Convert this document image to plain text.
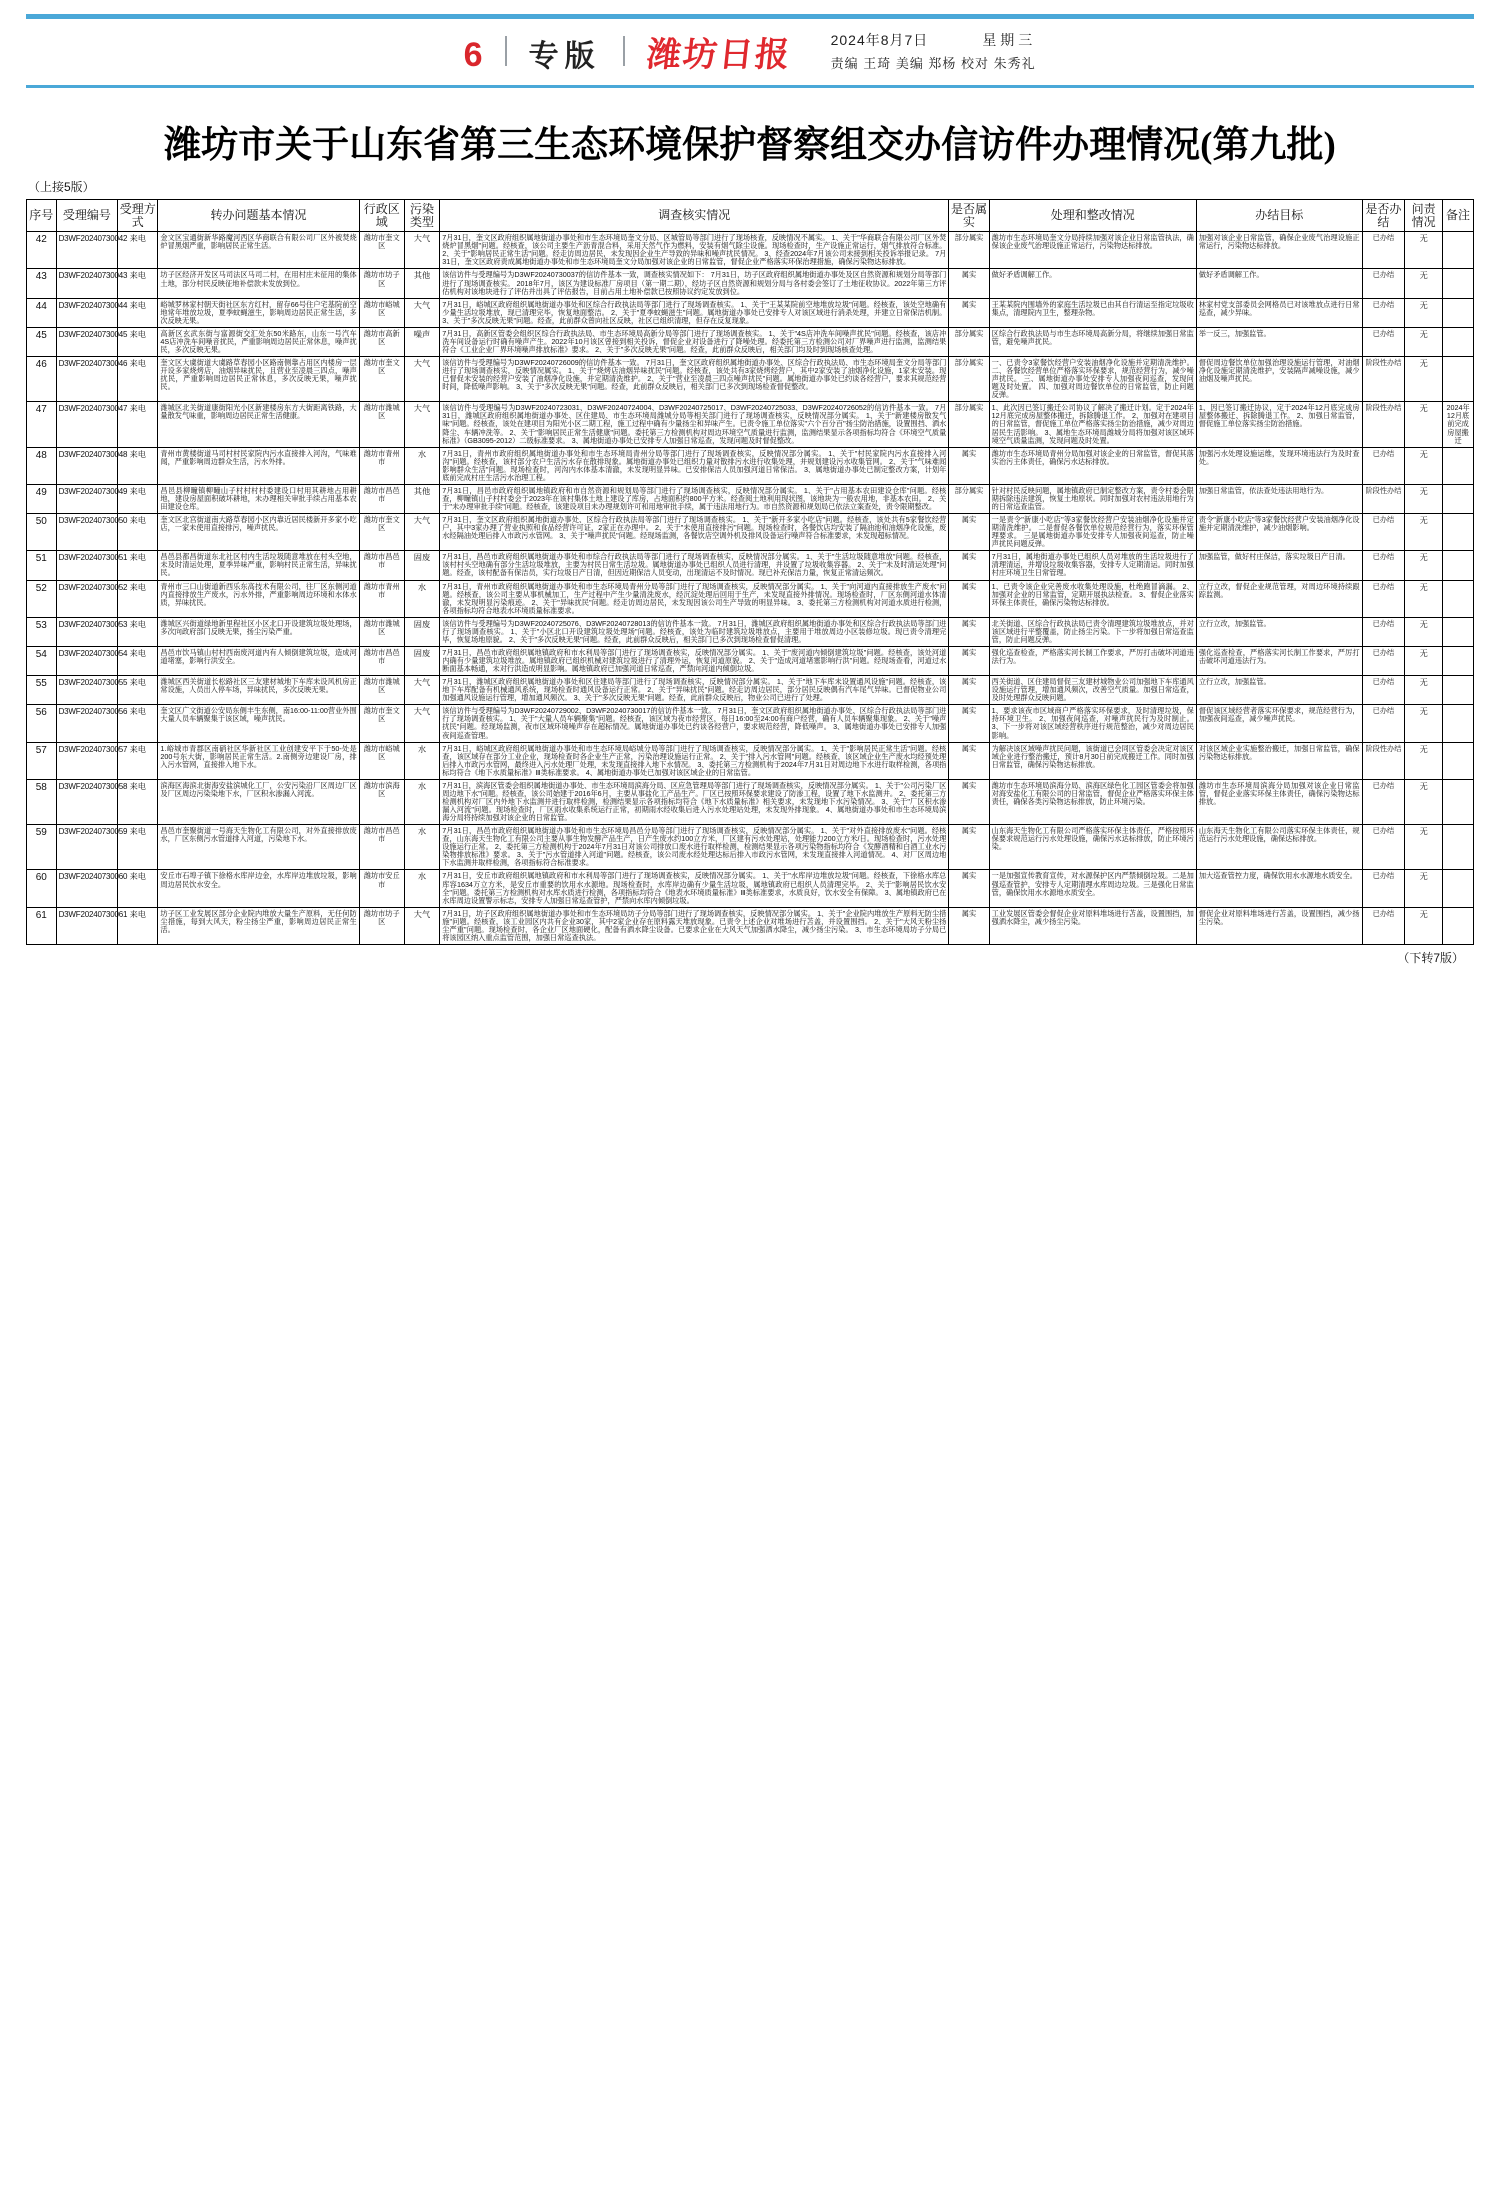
6 专版 潍坊日报	2024年8月7日	星期三
责编 王琦 美编 郑杨 校对 朱秀礼
潍坊市关于山东省第三生态环境保护督察组交办信访件办理情况(第九批)
（上接5版）
序号	受理编号	受理方式	转办问题基本情况	行政区域	污染类型	调查核实情况	是否属实	处理和整改情况	办结目标	是否办结	问责情况	备注
42	D3WF20240730042	来电	金文区宝通街新华路魔河西区华商联合有限公司厂区外被焚烧炉冒黑烟严重，影响居民正常生活。	潍坊市奎文区	大气	7月31日，奎文区政府组织属地街道办事处和市生态环境局奎文分局、区城管局等部门进行了现场核查，反映情况不属实。 1、关于"华商联合有限公司厂区外焚烧炉冒黑烟"问题。经核查，该公司主要生产沥青混合料，采用天然气作为燃料，安装有烟气除尘设施。现场检查时，生产设施正常运行，烟气排放符合标准。 2、关于"影响居民正常生活"问题。经走访周边居民，未发现因企业生产导致的异味和噪声扰民情况。 3、经查2024年7月该公司未接到相关投诉举报记录。 7月31日，奎文区政府责成属地街道办事处和市生态环境局奎文分局加强对该企业的日常监管，督促企业严格落实环保治理措施，确保污染物达标排放。	部分属实	潍坊市生态环境局奎文分局持续加强对该企业日常监管执法，确保该企业废气治理设施正常运行，污染物达标排放。	加强对该企业日常监管，确保企业废气治理设施正常运行，污染物达标排放。	已办结	无	
43	D3WF20240730043	来电	坊子区经济开发区马司法区马司二村，在用村庄未征用的集体土地，部分村民反映征地补偿款未发放到位。	潍坊市坊子区	其他	该信访件与受理编号为D3WF20240730037的信访件基本一致，调查核实情况如下： 7月31日，坊子区政府组织属地街道办事处及区自然资源和规划分局等部门进行了现场调查核实。 2018年7月，该区为建设标准厂房项目（第一期二期），经坊子区自然资源和规划分局与各村委会签订了土地征收协议。2022年第三方评估机构对该地块进行了评估并出具了评估报告，目前占用土地补偿款已按照协议约定发放到位。	属实	做好矛盾调解工作。	做好矛盾调解工作。	已办结	无	
44	D3WF20240730044	来电	峪城罗林家村朝天街社区东方红村，留存66号住户宅基院前空地常年堆放垃圾，夏季蚊蝇滋生，影响周边居民正常生活，多次反映无果。	潍坊市峪城区	大气	7月31日，峪城区政府组织属地街道办事处和区综合行政执法局等部门进行了现场调查核实。 1、关于"王某某院前空地堆放垃圾"问题。经核查，该处空地确有少量生活垃圾堆放，现已清理完毕，恢复地面整洁。 2、关于"夏季蚊蝇滋生"问题。属地街道办事处已安排专人对该区域进行消杀处理，并建立日常保洁机制。 3、关于"多次反映无果"问题。经查，此前群众曾向社区反映，社区已组织清理，但存在反复现象。	属实	王某某院内围墙外的家庭生活垃圾已由其自行清运至指定垃圾收集点，清理院内卫生，整理杂物。	林家村党支部委员会网格员已对该堆放点进行日常巡查，减少异味。	已办结	无	
45	D3WF20240730045	来电	高新区玄武东街与富源街交汇处东50米路东，山东一号汽车4S店冲洗车间噪音扰民，严重影响周边居民正常休息，噪声扰民，多次反映无果。	潍坊市高新区	噪声	7月31日，高新区管委会组织区综合行政执法局、市生态环境局高新分局等部门进行了现场调查核实。 1、关于"4S店冲洗车间噪声扰民"问题。经核查，该店冲洗车间设备运行时确有噪声产生。2022年10月该区曾接到相关投诉，督促企业对设备进行了降噪处理。经委托第三方检测公司对厂界噪声进行监测，监测结果符合《工业企业厂界环境噪声排放标准》要求。 2、关于"多次反映无果"问题。经查，此前群众反映后，相关部门均及时到现场核查处理。	部分属实	区综合行政执法局与市生态环境局高新分局，将继续加强日常监管，避免噪声扰民。	举一反三，加强监管。	已办结	无	
46	D3WF20240730046	来电	奎文区大虞街道大虞路草春园小区路南侧靠占用区内楼房一层开设多家烧烤店，油烟异味扰民，且营业至凌晨三四点，噪声扰民，严重影响周边居民正常休息，多次反映无果，噪声扰民。	潍坊市奎文区	大气	该信访件与受理编号为D3WF20240726009的信访件基本一致。 7月31日，奎文区政府组织属地街道办事处、区综合行政执法局、市生态环境局奎文分局等部门进行了现场调查核实，反映情况属实。 1、关于"烧烤店油烟异味扰民"问题。经核查，该处共有3家烧烤经营户，其中2家安装了油烟净化设施，1家未安装。现已督促未安装的经营户安装了油烟净化设施，并定期清洗维护。 2、关于"营业至凌晨三四点噪声扰民"问题。属地街道办事处已约谈各经营户，要求其规范经营时间，降低噪声影响。 3、关于"多次反映无果"问题。经查，此前群众反映后，相关部门已多次到现场检查督促整改。	部分属实	一、已责令3家餐饮经营户安装油烟净化设施并定期清洗维护。 二、各餐饮经营单位严格落实环保要求，规范经营行为，减少噪声扰民。 三、属地街道办事处安排专人加强夜间巡查，发现问题及时处置。 四、加强对周边餐饮单位的日常监管，防止问题反弹。	督促周边餐饮单位加强治理设施运行管理，对油烟净化设施定期清洗维护，安装隔声减噪设施，减少油烟及噪声扰民。	阶段性办结	无	
47	D3WF20240730047	来电	潍城区北关街道康街阳光小区新建楼房东方大街距离铁路，大量散发气味重，影响周边居民正常生活健康。	潍坊市潍城区	大气	该信访件与受理编号为D3WF20240723031、D3WF20240724004、D3WF20240725017、D3WF20240725033、D3WF20240726052的信访件基本一致。 7月31日，潍城区政府组织属地街道办事处、区住建局、市生态环境局潍城分局等相关部门进行了现场调查核实，反映情况部分属实。 1、关于"新建楼房散发气味"问题。经核查，该处在建项目为阳光小区二期工程，施工过程中确有少量扬尘和异味产生。已责令施工单位落实"六个百分百"扬尘防治措施，设置围挡、洒水降尘、车辆冲洗等。 2、关于"影响居民正常生活健康"问题。委托第三方检测机构对周边环境空气质量进行监测，监测结果显示各项指标均符合《环境空气质量标准》（GB3095-2012）二级标准要求。 3、属地街道办事处已安排专人加强日常巡查，发现问题及时督促整改。	部分属实	1、此次因已签订搬迁公司协议了解决了搬迁计划。定于2024年12月底完成房屋整体搬迁，拆除腾退工作。 2、加强对在建项目的日常监管，督促施工单位严格落实扬尘防治措施，减少对周边居民生活影响。 3、属地生态环境局潍城分局将加强对该区域环境空气质量监测，发现问题及时处置。	1、因已签订搬迁协议，定于2024年12月底完成房屋整体搬迁、拆除腾退工作。 2、加强日常监管，督促施工单位落实扬尘防治措施。	阶段性办结	无	2024年12月底前完成房屋搬迁
48	D3WF20240730048	来电	青州市黄楼街道马司村村民家院内污水直接排入河沟，气味难闻，严重影响周边群众生活，污水外排。	潍坊市青州市	水	7月31日，青州市政府组织属地街道办事处和市生态环境局青州分局等部门进行了现场调查核实，反映情况部分属实。 1、关于"村民家院内污水直接排入河沟"问题。经核查，该村部分农户生活污水存在散排现象。属地街道办事处已组织力量对散排污水进行收集处理，并规划建设污水收集管网。 2、关于"气味难闻影响群众生活"问题。现场检查时，河沟内水体基本清澈，未发现明显异味。已安排保洁人员加强河道日常保洁。 3、属地街道办事处已制定整改方案，计划年底前完成村庄生活污水治理工程。	属实	潍坊市生态环境局青州分局加强对该企业的日常监管，督促其落实治污主体责任，确保污水达标排放。	加强污水处理设施运维，发现环境违法行为及时查处。	已办结	无	
49	D3WF20240730049	来电	昌邑县柳疃镇柳疃山子村村村村委建设口村用其耕地占用耕地，建设房屋面积破坏耕地，未办理相关审批手续占用基本农田建设仓库。	潍坊市昌邑市	其他	7月31日，昌邑市政府组织属地镇政府和市自然资源和规划局等部门进行了现场调查核实，反映情况部分属实。 1、关于"占用基本农田建设仓库"问题。经核查，柳疃镇山子村村委会于2023年在该村集体土地上建设了库房，占地面积约800平方米。经查阅土地利用现状图，该地块为一般农用地，非基本农田。 2、关于"未办理审批手续"问题。经核查，该建设项目未办理规划许可和用地审批手续，属于违法用地行为。市自然资源和规划局已依法立案查处，责令限期整改。	部分属实	针对村民反映问题，属地镇政府已制定整改方案，责令村委会限期拆除违法建筑，恢复土地原状。同时加强对农村违法用地行为的日常巡查监管。	加强日常监管，依法查处违法用地行为。	阶段性办结	无	
50	D3WF20240730050	来电	奎文区北宫街道南大路草春园小区内靠近居民楼新开多家小吃店，一家未使用直接排污，噪声扰民。	潍坊市奎文区	大气	7月31日，奎文区政府组织属地街道办事处、区综合行政执法局等部门进行了现场调查核实。 1、关于"新开多家小吃店"问题。经核查，该处共有5家餐饮经营户，其中3家办理了营业执照和食品经营许可证，2家正在办理中。 2、关于"未使用直接排污"问题。现场检查时，各餐饮店均安装了隔油池和油烟净化设施，废水经隔油处理后排入市政污水管网。 3、关于"噪声扰民"问题。经现场监测，各餐饮店空调外机及排风设备运行噪声符合标准要求，未发现超标情况。	属实	一是责令"新康小吃店"等3家餐饮经营户安装油烟净化设施并定期清洗维护。 二是督促各餐饮单位规范经营行为，落实环保管理要求。 三是属地街道办事处安排专人加强夜间巡查，防止噪声扰民问题反弹。	责令"新康小吃店"等3家餐饮经营户安装油烟净化设施并定期清洗维护，减少油烟影响。	已办结	无	
51	D3WF20240730051	来电	昌邑县都昌街道东北社区村内生活垃圾随意堆放在村头空地，未及时清运处理，夏季异味严重，影响村民正常生活，异味扰民。	潍坊市昌邑市	固废	7月31日，昌邑市政府组织属地街道办事处和市综合行政执法局等部门进行了现场调查核实，反映情况部分属实。 1、关于"生活垃圾随意堆放"问题。经核查，该村村头空地确有部分生活垃圾堆放，主要为村民日常生活垃圾。属地街道办事处已组织人员进行清理，并设置了垃圾收集容器。 2、关于"未及时清运处理"问题。经查，该村配备有保洁员，实行垃圾日产日清，但因近期保洁人员变动，出现清运不及时情况。现已补充保洁力量，恢复正常清运频次。	属实	7月31日，属地街道办事处已组织人员对堆放的生活垃圾进行了清理清运，并增设垃圾收集容器，安排专人定期清运。同时加强村庄环境卫生日常管理。	加强监管，做好村庄保洁，落实垃圾日产日清。	已办结	无	
52	D3WF20240730052	来电	青州市三口山街道新西乐东高技术有限公司，往厂区东侧河道内直接排放生产废水，污水外排，严重影响周边环境和水体水质，异味扰民。	潍坊市青州市	水	7月31日，青州市政府组织属地街道办事处和市生态环境局青州分局等部门进行了现场调查核实，反映情况部分属实。 1、关于"向河道内直接排放生产废水"问题。经核查，该公司主要从事机械加工，生产过程中产生少量清洗废水，经沉淀处理后回用于生产，未发现直接外排情况。现场检查时，厂区东侧河道水体清澈，未发现明显污染痕迹。 2、关于"异味扰民"问题。经走访周边居民，未发现因该公司生产导致的明显异味。 3、委托第三方检测机构对河道水质进行检测，各项指标均符合地表水环境质量标准要求。	属实	1、已责令该企业完善废水收集处理设施，杜绝跑冒滴漏。 2、加强对企业的日常监管，定期开展执法检查。 3、督促企业落实环保主体责任，确保污染物达标排放。	立行立改，督促企业规范管理，对周边环境持续跟踪监测。	已办结	无	
53	D3WF20240730053	来电	潍城区兴街道绿地新里程社区小区北口开设建筑垃圾处理场，多次向政府部门反映无果，扬尘污染严重。	潍坊市潍城区	固废	该信访件与受理编号为D3WF20240725076、D3WF20240728013的信访件基本一致。 7月31日，潍城区政府组织属地街道办事处和区综合行政执法局等部门进行了现场调查核实。 1、关于"小区北口开设建筑垃圾处理场"问题。经核查，该处为临时建筑垃圾堆放点，主要用于堆放周边小区装修垃圾。现已责令清理完毕，恢复场地原貌。 2、关于"多次反映无果"问题。经查，此前群众反映后，相关部门已多次到现场检查督促清理。	属实	北关街道、区综合行政执法局已责令清理建筑垃圾堆放点，并对该区域进行平整覆盖，防止扬尘污染。下一步将加强日常巡查监管，防止问题反弹。	立行立改，加强监管。	已办结	无	
54	D3WF20240730054	来电	昌邑市饮马镇山村村西南废河道内有人倾倒建筑垃圾，造成河道堵塞，影响行洪安全。	潍坊市昌邑市	固废	7月31日，昌邑市政府组织属地镇政府和市水利局等部门进行了现场调查核实，反映情况部分属实。 1、关于"废河道内倾倒建筑垃圾"问题。经核查，该处河道内确有少量建筑垃圾堆放。属地镇政府已组织机械对建筑垃圾进行了清理外运，恢复河道原貌。 2、关于"造成河道堵塞影响行洪"问题。经现场查看，河道过水断面基本畅通，未对行洪造成明显影响。属地镇政府已加强河道日常巡查，严禁向河道内倾倒垃圾。	属实	强化巡查检查，严格落实河长制工作要求，严厉打击破坏河道违法行为。	强化巡查检查，严格落实河长制工作要求，严厉打击破坏河道违法行为。	已办结	无	
55	D3WF20240730055	来电	潍城区西关街道长松路社区三友建材城地下车库未设风机房正常设施，人员出入停车场，异味扰民，多次反映无果。	潍坊市潍城区	大气	7月31日，潍城区政府组织属地街道办事处和区住建局等部门进行了现场调查核实，反映情况部分属实。 1、关于"地下车库未设置通风设施"问题。经核查，该地下车库配备有机械通风系统，现场检查时通风设备运行正常。 2、关于"异味扰民"问题。经走访周边居民，部分居民反映偶有汽车尾气异味。已督促物业公司加强通风设施运行管理，增加通风频次。 3、关于"多次反映无果"问题。经查，此前群众反映后，物业公司已进行了处理。	属实	西关街道、区住建局督促三友建材城物业公司加强地下车库通风设施运行管理，增加通风频次，改善空气质量。加强日常巡查，及时处理群众反映问题。	立行立改，加强监管。	已办结	无	
56	D3WF20240730056	来电	奎文区广文街道公安局东侧丰生东侧，南16:00-11:00营业外围大量人员车辆聚集于该区域，噪声扰民。	潍坊市奎文区	大气	该信访件与受理编号为D3WF20240729002、D3WF20240730017的信访件基本一致。 7月31日，奎文区政府组织属地街道办事处、区综合行政执法局等部门进行了现场调查核实。 1、关于"大量人员车辆聚集"问题。经核查，该区域为夜市经营区，每日16:00至24:00有商户经营，确有人员车辆聚集现象。 2、关于"噪声扰民"问题。经现场监测，夜市区域环境噪声存在超标情况。属地街道办事处已约谈各经营户，要求规范经营，降低噪声。 3、属地街道办事处已安排专人加强夜间巡查管理。	属实	1、要求该夜市区域商户严格落实环保要求，及时清理垃圾，保持环境卫生。 2、加强夜间巡查，对噪声扰民行为及时制止。 3、下一步将对该区域经营秩序进行规范整治，减少对周边居民影响。	督促该区域经营者落实环保要求，规范经营行为，加强夜间巡查，减少噪声扰民。	已办结	无	
57	D3WF20240730057	来电	1.峪城市青郡区南硝社区华新社区工业创建安平下于50-处是200号东大街，影响居民正常生活。2.南侧旁边建设厂房，排入污水管网，直接排入地下水。	潍坊市峪城区	水	7月31日，峪城区政府组织属地街道办事处和市生态环境局峪城分局等部门进行了现场调查核实，反映情况部分属实。 1、关于"影响居民正常生活"问题。经核查，该区域存在部分工业企业，现场检查时各企业生产正常，污染治理设施运行正常。 2、关于"排入污水管网"问题。经核查，该区域企业生产废水均经预处理后排入市政污水管网，最终进入污水处理厂处理，未发现直接排入地下水情况。 3、委托第三方检测机构于2024年7月31日对周边地下水进行取样检测，各项指标均符合《地下水质量标准》Ⅲ类标准要求。 4、属地街道办事处已加强对该区域企业的日常监管。	属实	为解决该区域噪声扰民问题，该街道已会同区管委会决定对该区域企业进行整治搬迁，预计8月30日前完成搬迁工作。同时加强日常监管，确保污染物达标排放。	对该区域企业实施整治搬迁，加强日常监管，确保污染物达标排放。	阶段性办结	无	
58	D3WF20240730058	来电	滨海区海滨北街海安盐滨城化工厂，公安污染沿厂区周边厂区及厂区周边污染染地下水，厂区积水渗漏入河流。	潍坊市滨海区	水	7月31日，滨海区管委会组织属地街道办事处、市生态环境局滨海分局、区应急管理局等部门进行了现场调查核实，反映情况部分属实。 1、关于"公司污染厂区周边地下水"问题。经核查，该公司始建于2016年6月，主要从事盐化工产品生产。厂区已按照环保要求建设了防渗工程，设置了地下水监测井。 2、委托第三方检测机构对厂区内外地下水监测井进行取样检测，检测结果显示各项指标均符合《地下水质量标准》相关要求，未发现地下水污染情况。 3、关于"厂区积水渗漏入河流"问题。现场检查时，厂区雨水收集系统运行正常，初期雨水经收集后进入污水处理站处理，未发现外排现象。 4、属地街道办事处和市生态环境局滨海分局将持续加强对该企业的日常监管。	属实	潍坊市生态环境局滨海分局、滨海区绿色化工园区管委会将加强对海安盐化工有限公司的日常监管，督促企业严格落实环保主体责任，确保各类污染物达标排放，防止环境污染。	潍坊市生态环境局滨海分局加强对该企业日常监管，督促企业落实环保主体责任，确保污染物达标排放。	已办结	无	
59	D3WF20240730059	来电	昌邑市奎聚街道一号海天生物化工有限公司，对外直接排放废水，厂区东侧污水管道排入河道，污染地下水。	潍坊市昌邑市	水	7月31日，昌邑市政府组织属地街道办事处和市生态环境局昌邑分局等部门进行了现场调查核实，反映情况部分属实。 1、关于"对外直接排放废水"问题。经核查，山东海天生物化工有限公司主要从事生物发酵产品生产，日产生废水约100立方米，厂区建有污水处理站，处理能力200立方米/日。现场检查时，污水处理设施运行正常。 2、委托第三方检测机构于2024年7月31日对该公司排放口废水进行取样检测，检测结果显示各项污染物指标均符合《发酵酒精和白酒工业水污染物排放标准》要求。 3、关于"污水管道排入河道"问题。经核查，该公司废水经处理达标后排入市政污水管网，未发现直接排入河道情况。 4、对厂区周边地下水监测井取样检测，各项指标符合标准要求。	属实	山东海天生物化工有限公司严格落实环保主体责任，严格按照环保要求规范运行污水处理设施，确保污水达标排放，防止环境污染。	山东海天生物化工有限公司落实环保主体责任，规范运行污水处理设施，确保达标排放。	已办结	无	
60	D3WF20240730060	来电	安丘市石埠子镇下徐格水库岸边金，水库岸边堆放垃圾，影响周边居民饮水安全。	潍坊市安丘市	水	7月31日，安丘市政府组织属地镇政府和市水利局等部门进行了现场调查核实，反映情况部分属实。 1、关于"水库岸边堆放垃圾"问题。经核查，下徐格水库总库容1634万立方米，是安丘市重要的饮用水水源地。现场检查时，水库岸边确有少量生活垃圾，属地镇政府已组织人员清理完毕。 2、关于"影响居民饮水安全"问题。委托第三方检测机构对水库水质进行检测，各项指标均符合《地表水环境质量标准》Ⅲ类标准要求，水质良好，饮水安全有保障。 3、属地镇政府已在水库周边设置警示标志，安排专人加强日常巡查管护，严禁向水库内倾倒垃圾。	属实	一是加强宣传教育宣传，对水源保护区内严禁倾倒垃圾。二是加强巡查管护，安排专人定期清理水库周边垃圾。三是强化日常监管，确保饮用水水源地水质安全。	加大巡查管控力度，确保饮用水水源地水质安全。	已办结	无	
61	D3WF20240730061	来电	坊子区工业发展区部分企业院内堆放大量生产原料，无任何防尘措施，每到大风天，粉尘扬尘严重，影响周边居民正常生活。	潍坊市坊子区	大气	7月31日，坊子区政府组织属地街道办事处和市生态环境局坊子分局等部门进行了现场调查核实，反映情况部分属实。 1、关于"企业院内堆放生产原料无防尘措施"问题。经核查，该工业园区内共有企业30家，其中2家企业存在原料露天堆放现象。已责令上述企业对堆场进行苫盖，并设置围挡。 2、关于"大风天粉尘扬尘严重"问题。现场检查时，各企业厂区地面硬化，配备有洒水降尘设备。已要求企业在大风天气加强洒水降尘，减少扬尘污染。 3、市生态环境局坊子分局已将该园区纳入重点监管范围，加强日常巡查执法。	属实	工业发展区管委会督促企业对原料堆场进行苫盖，设置围挡，加强洒水降尘，减少扬尘污染。	督促企业对原料堆场进行苫盖，设置围挡，减少扬尘污染。	已办结	无	
（下转7版）
